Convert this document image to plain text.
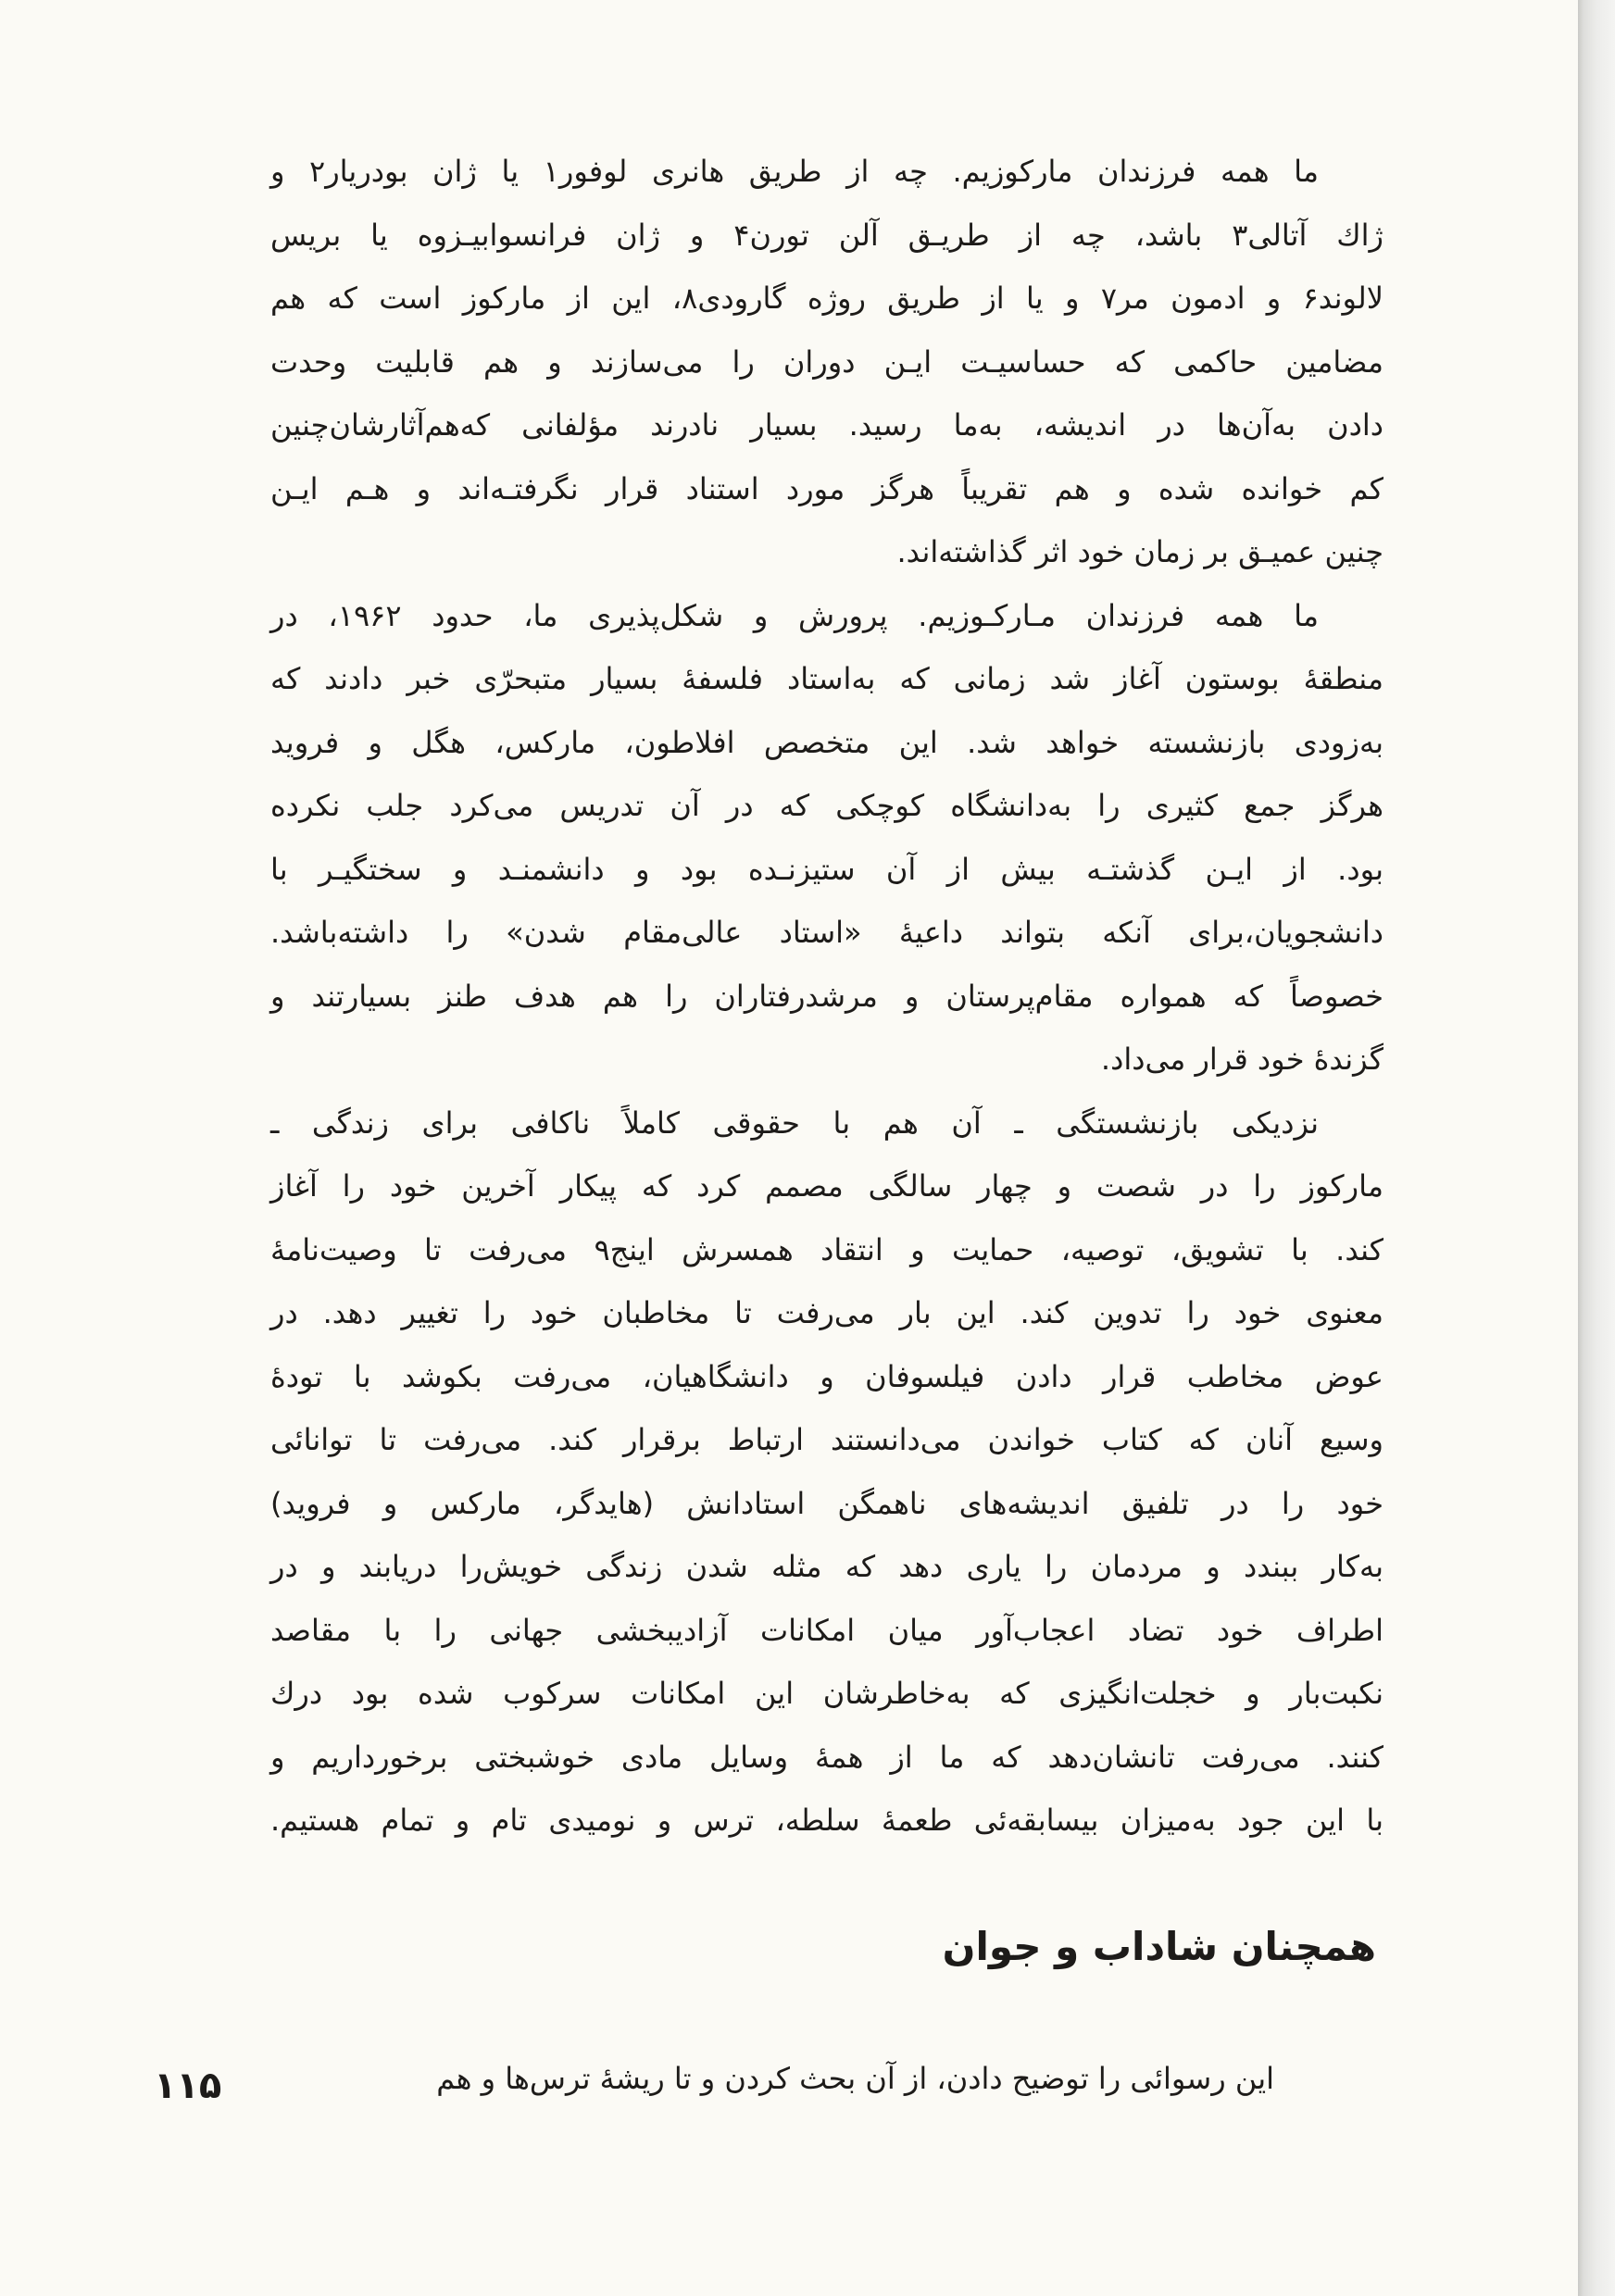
ما همه فرزندان مارکوزیم. چه از طریق هانری لوفور۱ یا ژان بودریار۲ و
ژاك آتالی۳ باشد، چه از طریـق آلن تورن۴ و ژان فرانسوابیـزوه یا بریس
لالوند۶ و ادمون مر۷ و یا از طریق روژه گارودی۸، این از مارکوز است که هم
مضامین حاکمی که حساسیـت ایـن دوران را می‌سازند و هم قابلیت وحدت
دادن به‌آن‌ها در اندیشه، به‌ما رسید. بسیار نادرند مؤلفانی که‌هم‌آثارشان‌چنین
کم خوانده شده و هم تقریباً هرگز مورد استناد قرار نگرفتـه‌اند و هـم ایـن
چنین عمیـق بر زمان خود اثر گذاشته‌اند.
ما همه فرزندان مـارکـوزیم. پرورش و شکل‌پذیری ما، حدود ۱۹۶۲، در
منطقهٔ بوستون آغاز شد زمانی که به‌استاد فلسفهٔ بسیار متبحرّی خبر دادند که
به‌زودی بازنشسته خواهد شد. این متخصص افلاطون، مارکس، هگل و فروید
هرگز جمع کثیری را به‌دانشگاه کوچکی که در آن تدریس می‌کرد جلب نکرده
بود. از ایـن گذشتـه بیش از آن ستیزنـده بود و دانشمنـد و سختگیـر با
دانشجویان،برای آنکه بتواند داعیهٔ «استاد عالی‌مقام شدن» را داشته‌باشد.
خصوصاً که همواره مقام‌پرستان و مرشدرفتاران را هم هدف طنز بسیارتند و
گزندهٔ خود قرار می‌داد.
نزدیکی بازنشستگی ـ آن هم با حقوقی کاملاً ناکافی برای زندگی ـ
مارکوز را در شصت و چهار سالگی مصمم کرد که پیکار آخرین خود را آغاز
کند. با تشویق، توصیه، حمایت و انتقاد همسرش اینج۹ می‌رفت تا وصیت‌نامهٔ
معنوی خود را تدوین کند. این بار می‌رفت تا مخاطبان خود را تغییر دهد. در
عوض مخاطب قرار دادن فیلسوفان و دانشگاهیان، می‌رفت بکوشد با تودهٔ
وسیع آنان که کتاب خواندن می‌دانستند ارتباط برقرار کند. می‌رفت تا توانائی
خود را در تلفیق اندیشه‌های ناهمگن استادانش (هایدگر، مارکس و فروید)
به‌کار ببندد و مردمان را یاری دهد که مثله شدن زندگی خویش‌را دریابند و در
اطراف خود تضاد اعجاب‌آور میان امکانات آزادیبخشی جهانی را با مقاصد
نکبت‌بار و خجلت‌انگیزی که به‌خاطرشان این امکانات سرکوب شده بود درك
کنند. می‌رفت تانشان‌دهد که ما از همهٔ وسایل مادی خوشبختی برخورداریم و
با این جود به‌میزان بیسابقه‌ئی طعمهٔ سلطه، ترس و نومیدی تام و تمام هستیم.
همچنان شاداب و جوان
این رسوائی را توضیح دادن، از آن بحث کردن و تا ریشهٔ ترس‌ها و هم
۱۱۵
